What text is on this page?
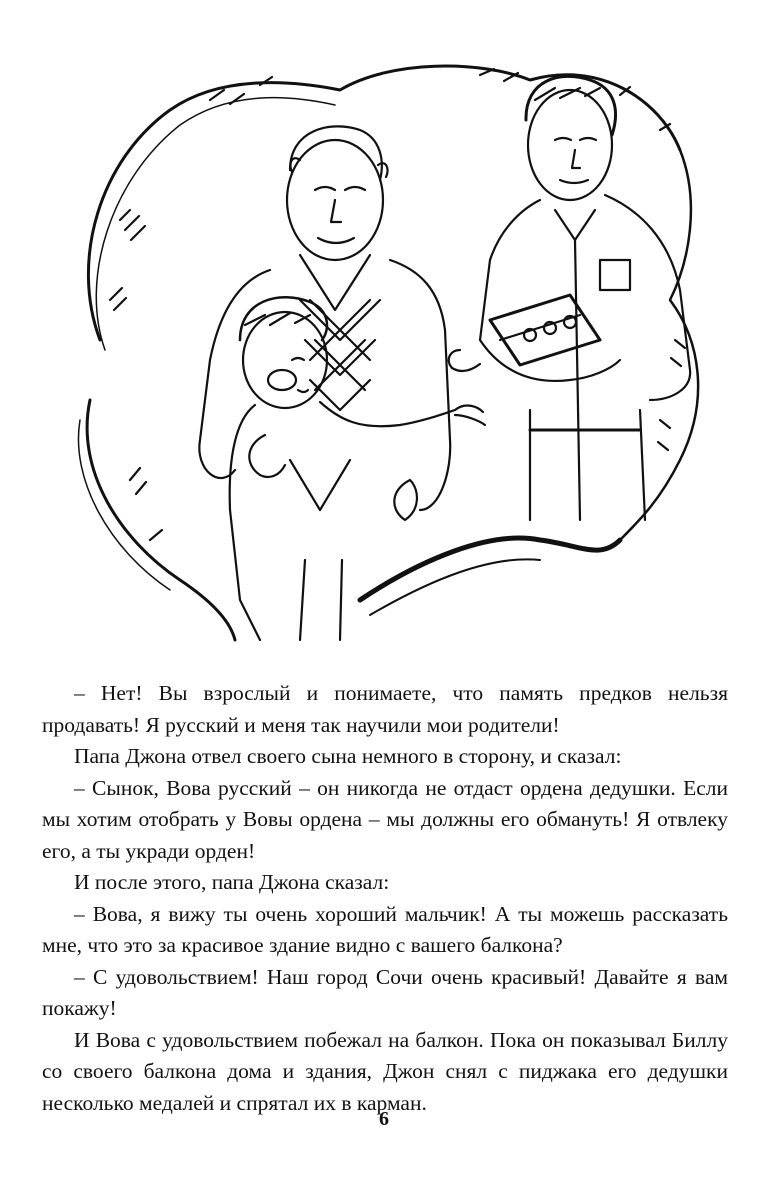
– Нет! Вы взрослый и понимаете, что память предков нельзя продавать! Я русский и меня так научили мои родители!

Папа Джона отвел своего сына немного в сторону, и сказал:

– Сынок, Вова русский – он никогда не отдаст ордена дедушки. Если мы хотим отобрать у Вовы ордена – мы должны его обмануть! Я отвлеку его, а ты укради орден!

И после этого, папа Джона сказал:

– Вова, я вижу ты очень хороший мальчик! А ты можешь рассказать мне, что это за красивое здание видно с вашего балкона?

– С удовольствием! Наш город Сочи очень красивый! Давайте я вам покажу!

И Вова с удовольствием побежал на балкон. Пока он показывал Биллу со своего балкона дома и здания, Джон снял с пиджака его дедушки несколько медалей и спрятал их в карман.

6
